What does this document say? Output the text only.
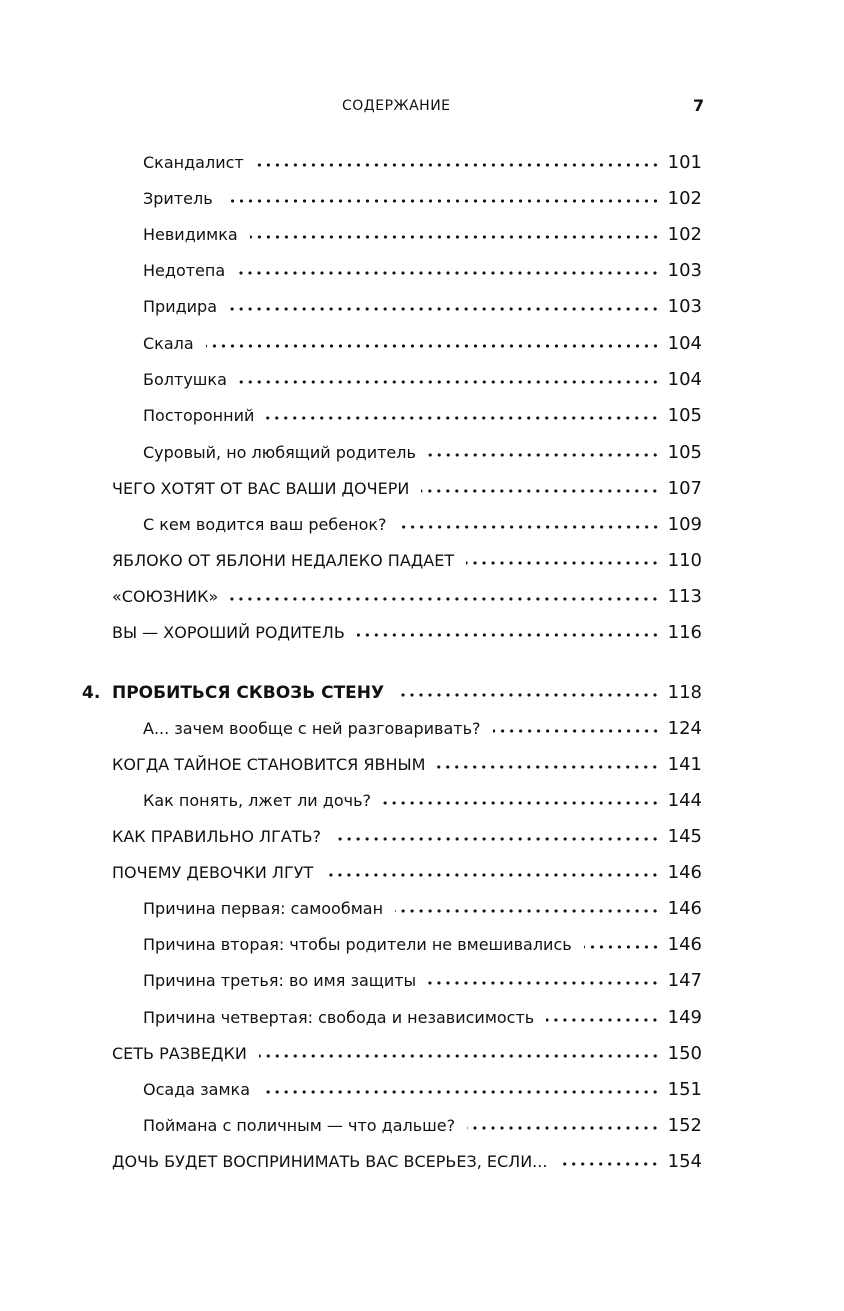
СОДЕРЖАНИЕ	7
Скандалист	101
Зритель	102
Невидимка	102
Недотепа	103
Придира	103
Скала	104
Болтушка	104
Посторонний	105
Суровый, но любящий родитель	105
ЧЕГО ХОТЯТ ОТ ВАС ВАШИ ДОЧЕРИ	107
С кем водится ваш ребенок?	109
ЯБЛОКО ОТ ЯБЛОНИ НЕДАЛЕКО ПАДАЕТ	110
«СОЮЗНИК»	113
ВЫ — ХОРОШИЙ РОДИТЕЛЬ	116
4. ПРОБИТЬСЯ СКВОЗЬ СТЕНУ	118
А... зачем вообще с ней разговаривать?	124
КОГДА ТАЙНОЕ СТАНОВИТСЯ ЯВНЫМ	141
Как понять, лжет ли дочь?	144
КАК ПРАВИЛЬНО ЛГАТЬ?	145
ПОЧЕМУ ДЕВОЧКИ ЛГУТ	146
Причина первая: самообман	146
Причина вторая: чтобы родители не вмешивались	146
Причина третья: во имя защиты	147
Причина четвертая: свобода и независимость	149
СЕТЬ РАЗВЕДКИ	150
Осада замка	151
Поймана с поличным — что дальше?	152
ДОЧЬ БУДЕТ ВОСПРИНИМАТЬ ВАС ВСЕРЬЕЗ, ЕСЛИ...	154
